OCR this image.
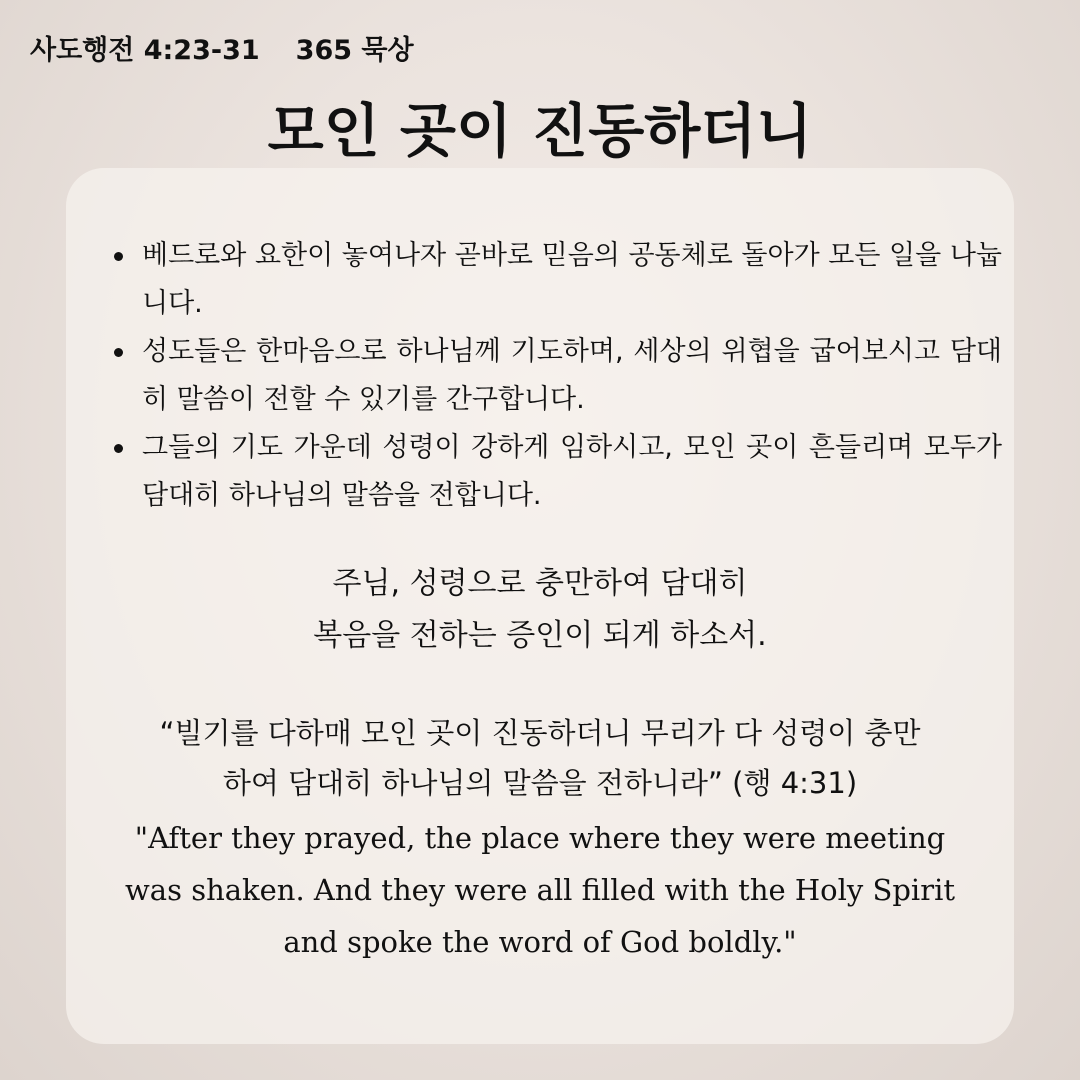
사도행전 4:23-31 365 묵상
모인 곳이 진동하더니
베드로와 요한이 놓여나자 곧바로 믿음의 공동체로 돌아가 모든 일을 나눕니다.
성도들은 한마음으로 하나님께 기도하며, 세상의 위협을 굽어보시고 담대히 말씀이 전할 수 있기를 간구합니다.
그들의 기도 가운데 성령이 강하게 임하시고, 모인 곳이 흔들리며 모두가 담대히 하나님의 말씀을 전합니다.
주님, 성령으로 충만하여 담대히
복음을 전하는 증인이 되게 하소서.
“빌기를 다하매 모인 곳이 진동하더니 무리가 다 성령이 충만
하여 담대히 하나님의 말씀을 전하니라” (행 4:31)
"After they prayed, the place where they were meeting
was shaken. And they were all filled with the Holy Spirit
and spoke the word of God boldly."
